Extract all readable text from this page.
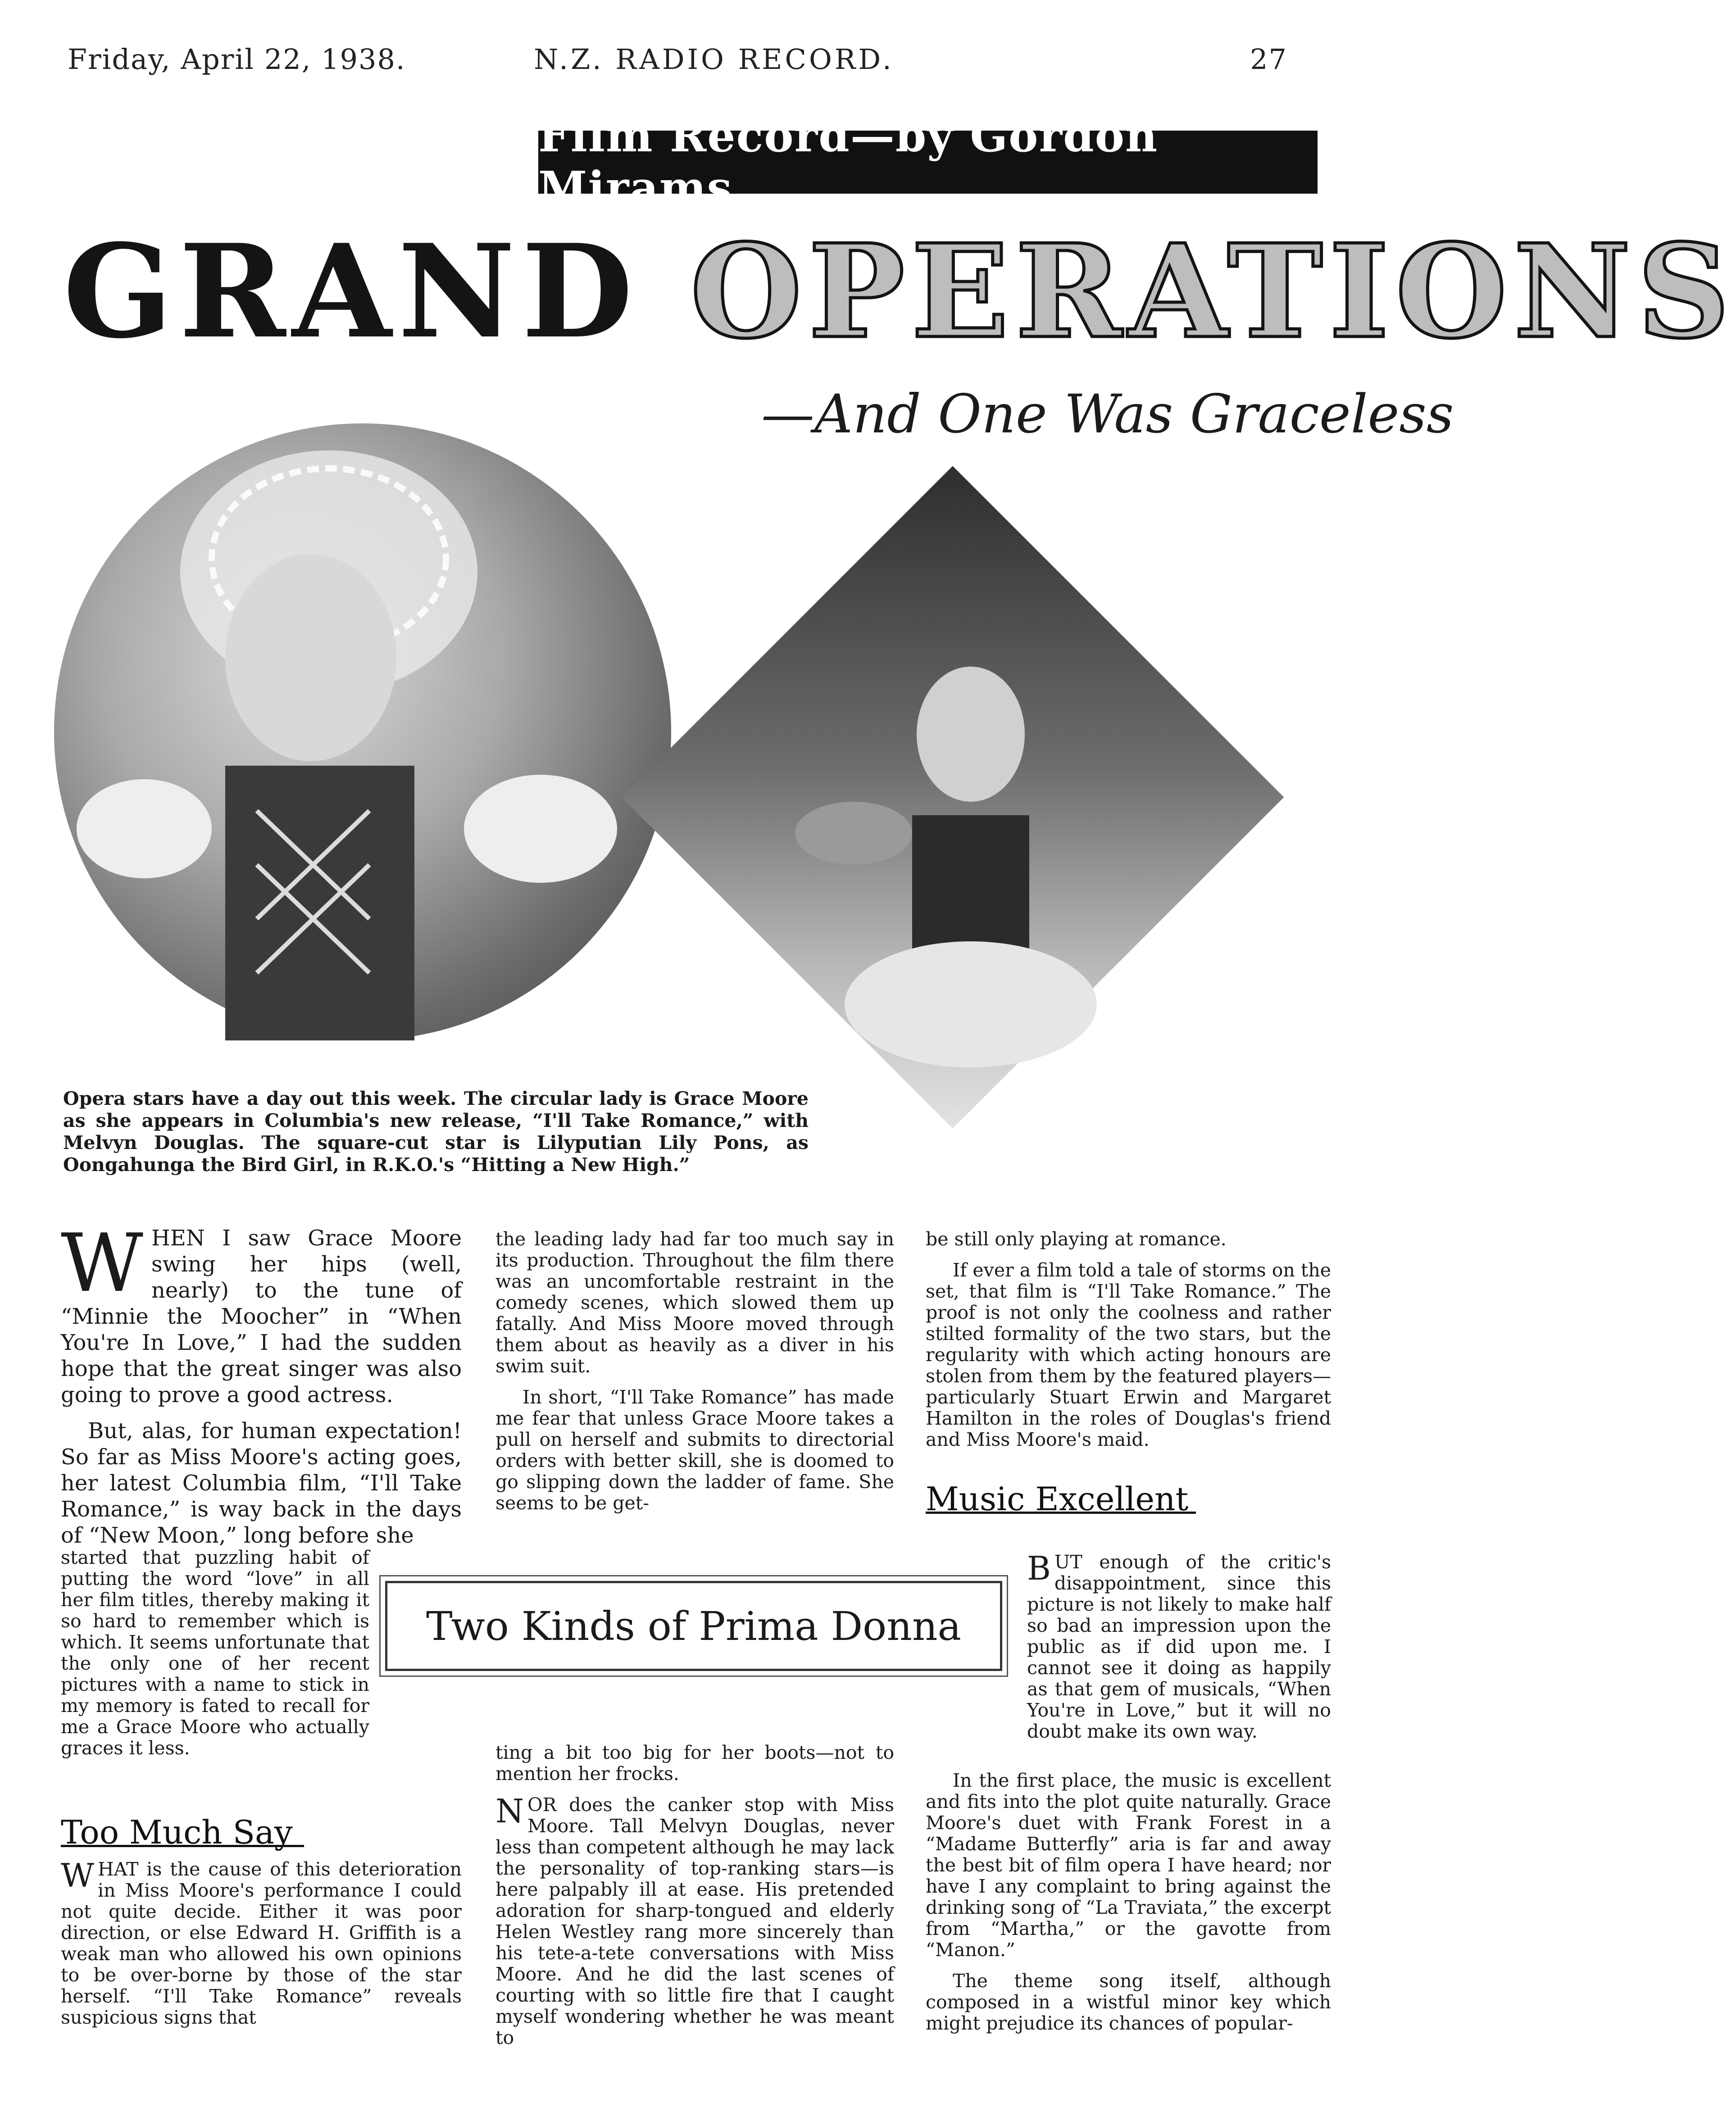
Friday, April 22, 1938.	N.Z. RADIO RECORD.	27
Film Record—by Gordon Mirams
GRAND OPERATIONS
—And One Was Graceless
Opera stars have a day out this week. The circular lady is Grace Moore as she appears in Columbia's new release, “I'll Take Romance,” with Melvyn Douglas. The square-cut star is Lilyputian Lily Pons, as Oongahunga the Bird Girl, in R.K.O.'s “Hitting a New High.”

WHEN I saw Grace Moore swing her hips (well, nearly) to the tune of “Minnie the Moocher” in “When You're In Love,” I had the sudden hope that the great singer was also going to prove a good actress.

But, alas, for human expectation! So far as Miss Moore's acting goes, her latest Columbia film, “I'll Take Romance,” is way back in the days of “New Moon,” long before she

started that puzzling habit of putting the word “love” in all her film titles, thereby making it so hard to remember which is which. It seems unfortunate that the only one of her recent pictures with a name to stick in my memory is fated to recall for me a Grace Moore who actually graces it less.

Too Much Say

WHAT is the cause of this deterioration in Miss Moore's performance I could not quite decide. Either it was poor direction, or else Edward H. Griffith is a weak man who allowed his own opinions to be over-borne by those of the star herself. “I'll Take Romance” reveals suspicious signs that

the leading lady had far too much say in its production. Throughout the film there was an uncomfortable restraint in the comedy scenes, which slowed them up fatally. And Miss Moore moved through them about as heavily as a diver in his swim suit.

In short, “I'll Take Romance” has made me fear that unless Grace Moore takes a pull on herself and submits to directorial orders with better skill, she is doomed to go slipping down the ladder of fame. She seems to be get-

Two Kinds of Prima Donna

ting a bit too big for her boots—not to mention her frocks.

NOR does the canker stop with Miss Moore. Tall Melvyn Douglas, never less than competent although he may lack the personality of top-ranking stars—is here palpably ill at ease. His pretended adoration for sharp-tongued and elderly Helen Westley rang more sincerely than his tete-a-tete conversations with Miss Moore. And he did the last scenes of courting with so little fire that I caught myself wondering whether he was meant to

be still only playing at romance.

If ever a film told a tale of storms on the set, that film is “I'll Take Romance.” The proof is not only the coolness and rather stilted formality of the two stars, but the regularity with which acting honours are stolen from them by the featured players—particularly Stuart Erwin and Margaret Hamilton in the roles of Douglas's friend and Miss Moore's maid.

Music Excellent

BUT enough of the critic's disappointment, since this picture is not likely to make half so bad an impression upon the public as if did upon me. I cannot see it doing as happily as that gem of musicals, “When You're in Love,” but it will no doubt make its own way.

In the first place, the music is excellent and fits into the plot quite naturally. Grace Moore's duet with Frank Forest in a “Madame Butterfly” aria is far and away the best bit of film opera I have heard; nor have I any complaint to bring against the drinking song of “La Traviata,” the excerpt from “Martha,” or the gavotte from “Manon.”

The theme song itself, although composed in a wistful minor key which might prejudice its chances of popular-
